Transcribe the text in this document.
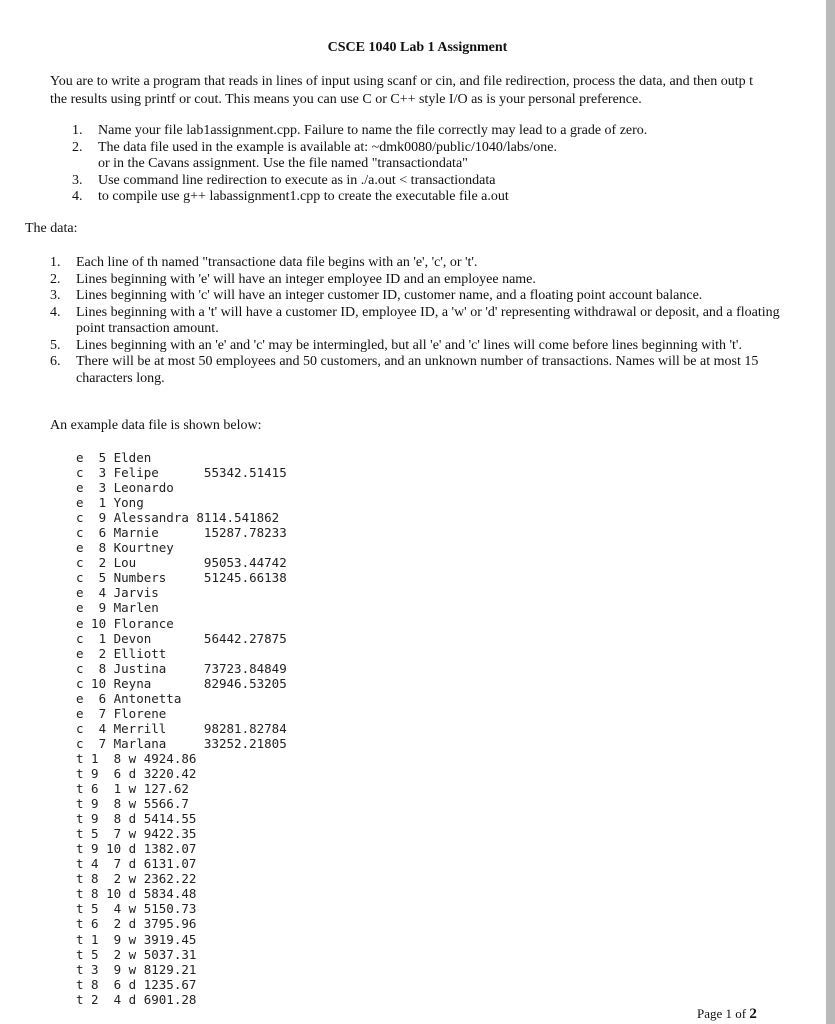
CSCE 1040 Lab 1 Assignment
You are to write a program that reads in lines of input using scanf or cin, and file redirection, process the data, and then outp t
the results using printf or cout. This means you can use C or C++ style I/O as is your personal preference.
1.	Name your file lab1assignment.cpp. Failure to name the file correctly may lead to a grade of zero.
2.	The data file used in the example is available at: ~dmk0080/public/1040/labs/one.
or in the Cavans assignment. Use the file named "transactiondata"
3.	Use command line redirection to execute as in ./a.out < transactiondata
4.	to compile use g++ labassignment1.cpp to create the executable file a.out
The data:
1.	Each line of th named "transactione data file begins with an 'e', 'c', or 't'.
2.	Lines beginning with 'e' will have an integer employee ID and an employee name.
3.	Lines beginning with 'c' will have an integer customer ID, customer name, and a floating point account balance.
4.	Lines beginning with a 't' will have a customer ID, employee ID, a 'w' or 'd' representing withdrawal or deposit, and a floating point transaction amount.
5.	Lines beginning with an 'e' and 'c' may be intermingled, but all 'e' and 'c' lines will come before lines beginning with 't'.
6.	There will be at most 50 employees and 50 customers, and an unknown number of transactions. Names will be at most 15 characters long.
An example data file is shown below:
e  5 Elden
c  3 Felipe      55342.51415
e  3 Leonardo
e  1 Yong
c  9 Alessandra 8114.541862
c  6 Marnie      15287.78233
e  8 Kourtney
c  2 Lou         95053.44742
c  5 Numbers     51245.66138
e  4 Jarvis
e  9 Marlen
e 10 Florance
c  1 Devon       56442.27875
e  2 Elliott
c  8 Justina     73723.84849
c 10 Reyna       82946.53205
e  6 Antonetta
e  7 Florene
c  4 Merrill     98281.82784
c  7 Marlana     33252.21805
t 1  8 w 4924.86
t 9  6 d 3220.42
t 6  1 w 127.62
t 9  8 w 5566.7
t 9  8 d 5414.55
t 5  7 w 9422.35
t 9 10 d 1382.07
t 4  7 d 6131.07
t 8  2 w 2362.22
t 8 10 d 5834.48
t 5  4 w 5150.73
t 6  2 d 3795.96
t 1  9 w 3919.45
t 5  2 w 5037.31
t 3  9 w 8129.21
t 8  6 d 1235.67
t 2  4 d 6901.28
Page 1 of 2
